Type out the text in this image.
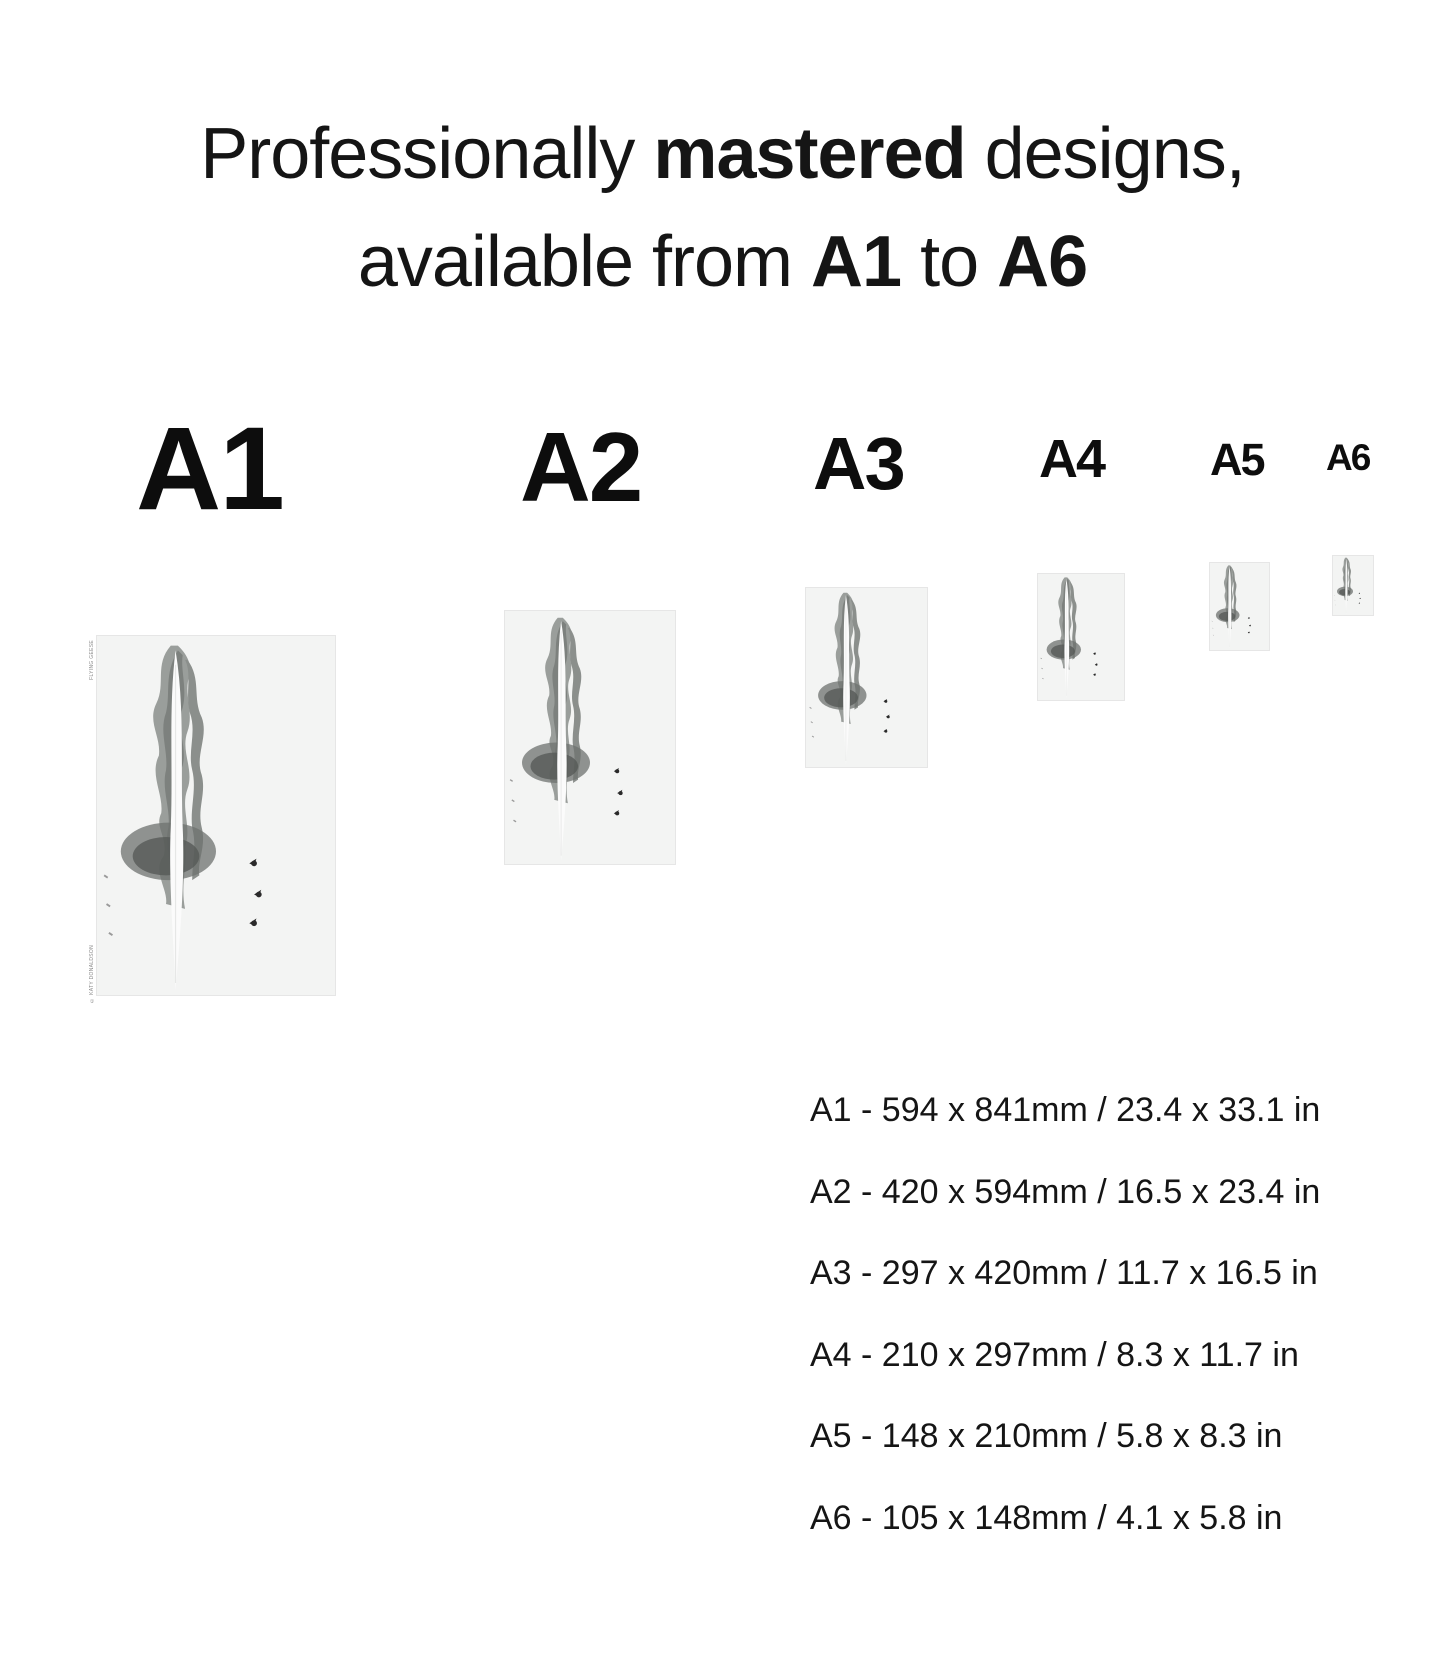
Professionally mastered designs,
available from A1 to A6
A1 A2 A3	A4 A5 A6
FLYING GEESE
© KATY DONALDSON
A1 - 594 x 841mm / 23.4 x 33.1 in
A2 - 420 x 594mm / 16.5 x 23.4 in
A3 - 297 x 420mm / 11.7 x 16.5 in
A4 - 210 x 297mm / 8.3 x 11.7 in
A5 - 148 x 210mm / 5.8 x 8.3 in
A6 - 105 x 148mm / 4.1 x 5.8 in
